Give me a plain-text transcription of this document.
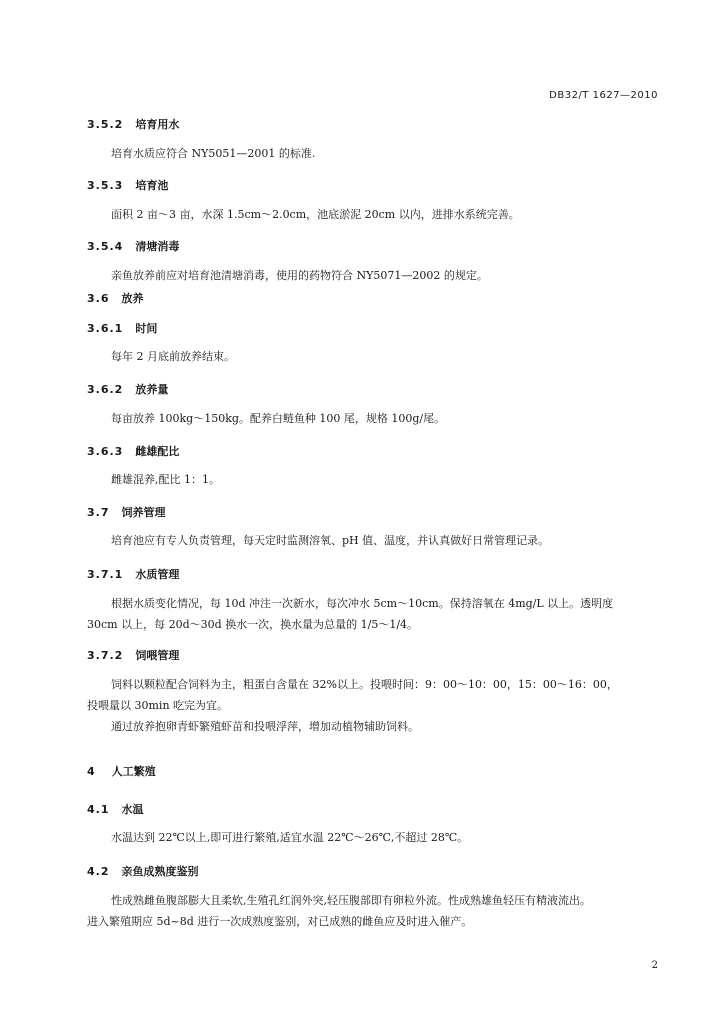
DB32/T 1627—2010
3.5.2 培育用水
培育水质应符合 NY5051—2001 的标准.
3.5.3 培育池
面积 2 亩～3 亩，水深 1.5cm～2.0cm，池底淤泥 20cm 以内，进排水系统完善。
3.5.4 清塘消毒
亲鱼放养前应对培育池清塘消毒，使用的药物符合 NY5071—2002 的规定。
3.6 放养
3.6.1 时间
每年 2 月底前放养结束。
3.6.2 放养量
每亩放养 100kg～150kg。配养白鲢鱼种 100 尾，规格 100g/尾。
3.6.3 雌雄配比
雌雄混养,配比 1：1。
3.7 饲养管理
培育池应有专人负责管理，每天定时监测溶氧、pH 值、温度，并认真做好日常管理记录。
3.7.1 水质管理
根据水质变化情况，每 10d 冲注一次新水，每次冲水 5cm～10cm。保持溶氧在 4mg/L 以上。透明度
30cm 以上，每 20d～30d 换水一次，换水量为总量的 1/5～1/4。
3.7.2 饲喂管理
饲料以颗粒配合饲料为主，粗蛋白含量在 32%以上。投喂时间：9：00～10：00，15：00～16：00，
投喂量以 30min 吃完为宜。
通过放养抱卵青虾繁殖虾苗和投喂浮萍，增加动植物辅助饲料。
4 人工繁殖
4.1 水温
水温达到 22℃以上,即可进行繁殖,适宜水温 22℃～26℃,不超过 28℃。
4.2 亲鱼成熟度鉴别
性成熟雌鱼腹部膨大且柔软,生殖孔红润外突,轻压腹部即有卵粒外流。性成熟雄鱼轻压有精液流出。
进入繁殖期应 5d~8d 进行一次成熟度鉴别，对已成熟的雌鱼应及时进入催产。
2
